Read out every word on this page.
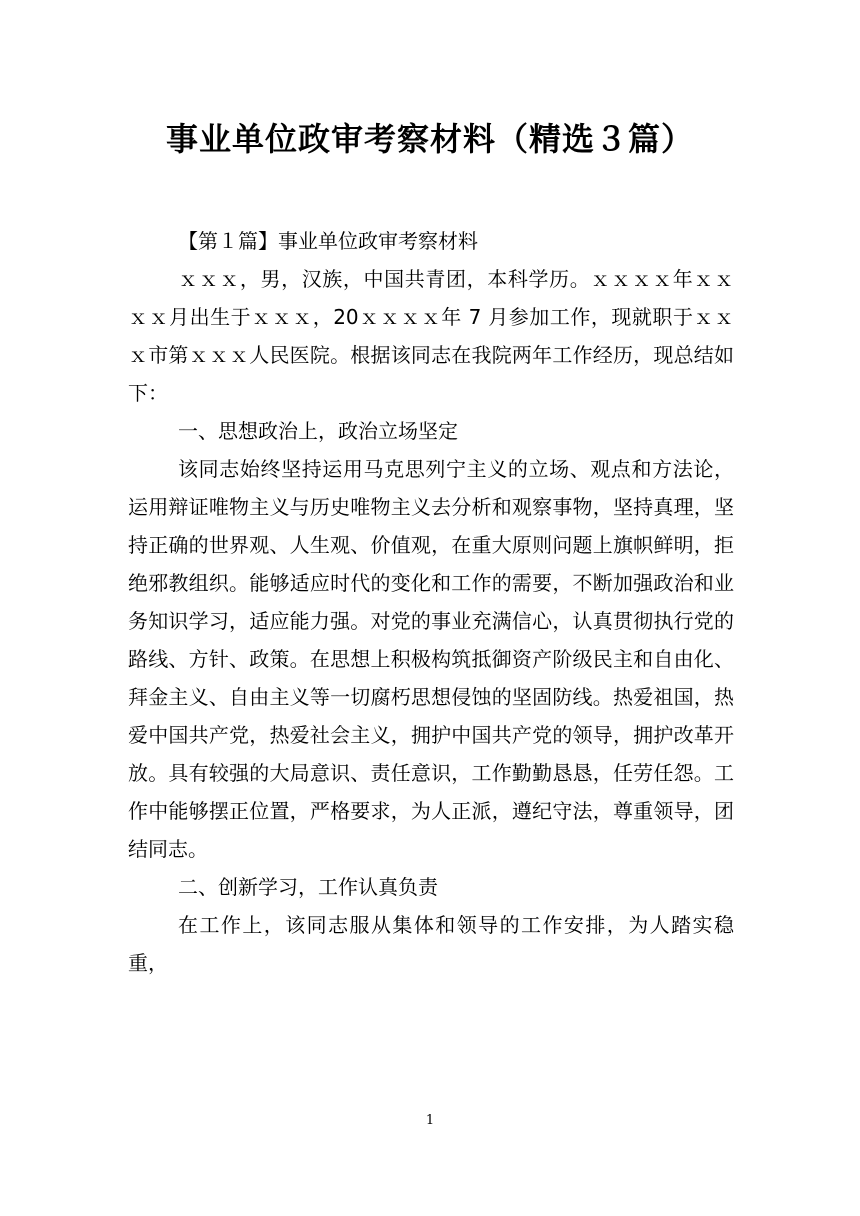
事业单位政审考察材料（精选３篇）

【第１篇】事业单位政审考察材料

ｘｘｘ，男，汉族，中国共青团，本科学历。ｘｘｘｘ年ｘｘｘｘ月出生于ｘｘｘ，20ｘｘｘｘ年 7 月参加工作，现就职于ｘｘｘ市第ｘｘｘ人民医院。根据该同志在我院两年工作经历，现总结如下：

一、思想政治上，政治立场坚定

该同志始终坚持运用马克思列宁主义的立场、观点和方法论，运用辩证唯物主义与历史唯物主义去分析和观察事物，坚持真理，坚持正确的世界观、人生观、价值观，在重大原则问题上旗帜鲜明，拒绝邪教组织。能够适应时代的变化和工作的需要，不断加强政治和业务知识学习，适应能力强。对党的事业充满信心，认真贯彻执行党的路线、方针、政策。在思想上积极构筑抵御资产阶级民主和自由化、拜金主义、自由主义等一切腐朽思想侵蚀的坚固防线。热爱祖国，热爱中国共产党，热爱社会主义，拥护中国共产党的领导，拥护改革开放。具有较强的大局意识、责任意识，工作勤勤恳恳，任劳任怨。工作中能够摆正位置，严格要求，为人正派，遵纪守法，尊重领导，团结同志。

二、创新学习，工作认真负责

在工作上，该同志服从集体和领导的工作安排，为人踏实稳重，

1
